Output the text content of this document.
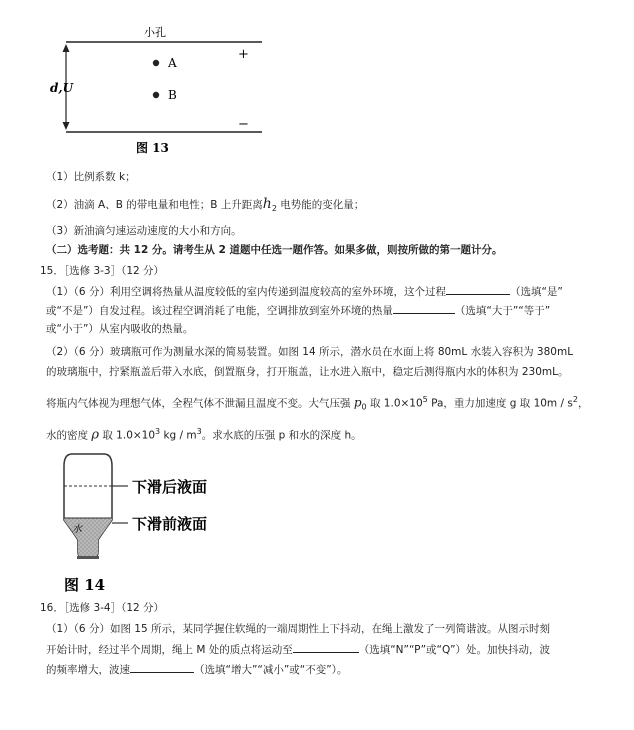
小孔
+
−
A
B
d,U
图 13
（1）比例系数 k；
（2）油滴 A、B 的带电量和电性；B 上升距离$h_2$ 电势能的变化量；
（3）新油滴匀速运动速度的大小和方向。
（二）选考题：共 12 分。请考生从 2 道题中任选一题作答。如果多做，则按所做的第一题计分。
15．［选修 3-3］（12 分）
（1）（6 分）利用空调将热量从温度较低的室内传递到温度较高的室外环境，这个过程	（选填“是”
或“不是”）自发过程。该过程空调消耗了电能，空调排放到室外环境的热量	（选填“大于”“等于”
或“小于”）从室内吸收的热量。
（2）（6 分）玻璃瓶可作为测量水深的简易装置。如图 14 所示，潜水员在水面上将 80mL 水装入容积为 380mL
的玻璃瓶中，拧紧瓶盖后带入水底，倒置瓶身，打开瓶盖，让水进入瓶中，稳定后测得瓶内水的体积为 230mL。
将瓶内气体视为理想气体，全程气体不泄漏且温度不变。大气压强 $p_0$ 取 $1.0\times 10^5$ Pa，重力加速度 g 取 $10m / s^2$，
水的密度 ρ 取 $1.0\times 10^3$ kg / $m^3$。求水底的压强 p 和水的深度 h。
下滑后液面
下滑前液面
水
图 14
16．［选修 3-4］（12 分）
（1）（6 分）如图 15 所示，某同学握住软绳的一端周期性上下抖动，在绳上激发了一列简谐波。从图示时刻
开始计时，经过半个周期，绳上 M 处的质点将运动至	（选填“N”“P”或“Q”）处。加快抖动，波
的频率增大，波速	（选填“增大”“减小”或“不变”）。
